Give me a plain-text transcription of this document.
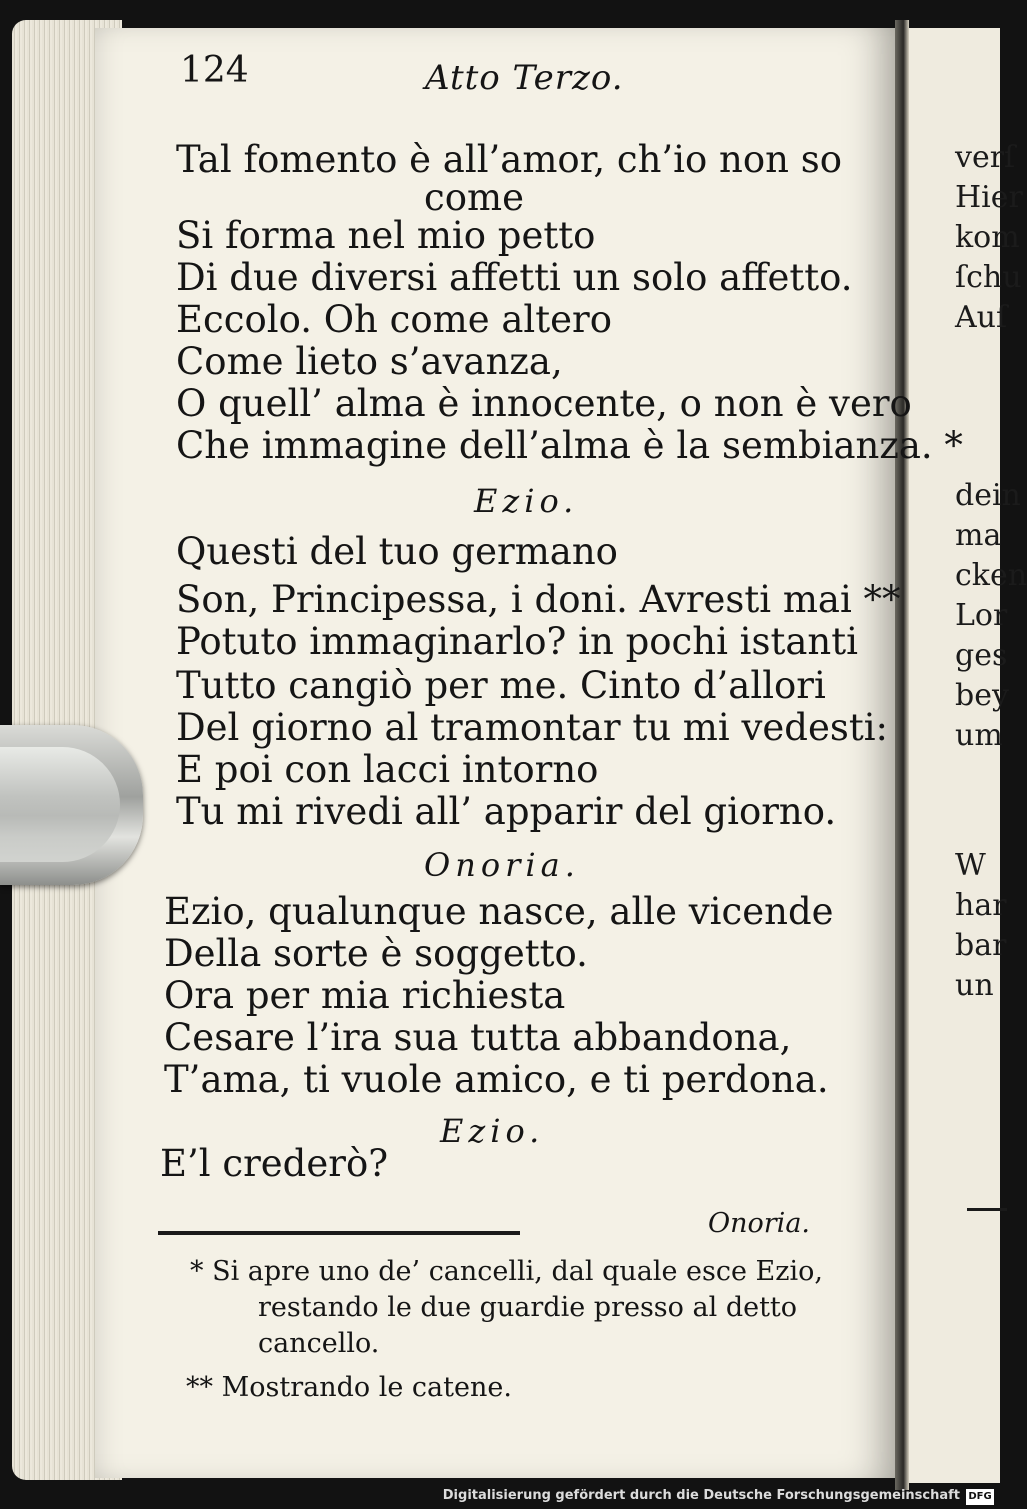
verſ
Hier
kom
ſchu
Auſ
dein
ma
cken
Lor
ges
bey
um
W
har
bar
un
124	Atto Terzo.
Tal fomento è all’amor, ch’io non so
come
Si forma nel mio petto
Di due diversi affetti un solo affetto.
Eccolo. Oh come altero
Come lieto s’avanza,
O quell’ alma è innocente, o non è vero
Che immagine dell’alma è la sembianza. *
Ezio.
Questi del tuo germano
Son, Principessa, i doni. Avresti mai **
Potuto immaginarlo? in pochi istanti
Tutto cangiò per me. Cinto d’allori
Del giorno al tramontar tu mi vedesti:
E poi con lacci intorno
Tu mi rivedi all’ apparir del giorno.
Onoria.
Ezio, qualunque nasce, alle vicende
Della sorte è soggetto.
Ora per mia richiesta
Cesare l’ira sua tutta abbandona,
T’ama, ti vuole amico, e ti perdona.
Ezio.
E’l crederò?
Onoria.
* Si apre uno de’ cancelli, dal quale esce Ezio,
restando le due guardie presso al detto
cancello.
** Mostrando le catene.
Digitalisierung gefördert durch die Deutsche Forschungsgemeinschaft DFG
